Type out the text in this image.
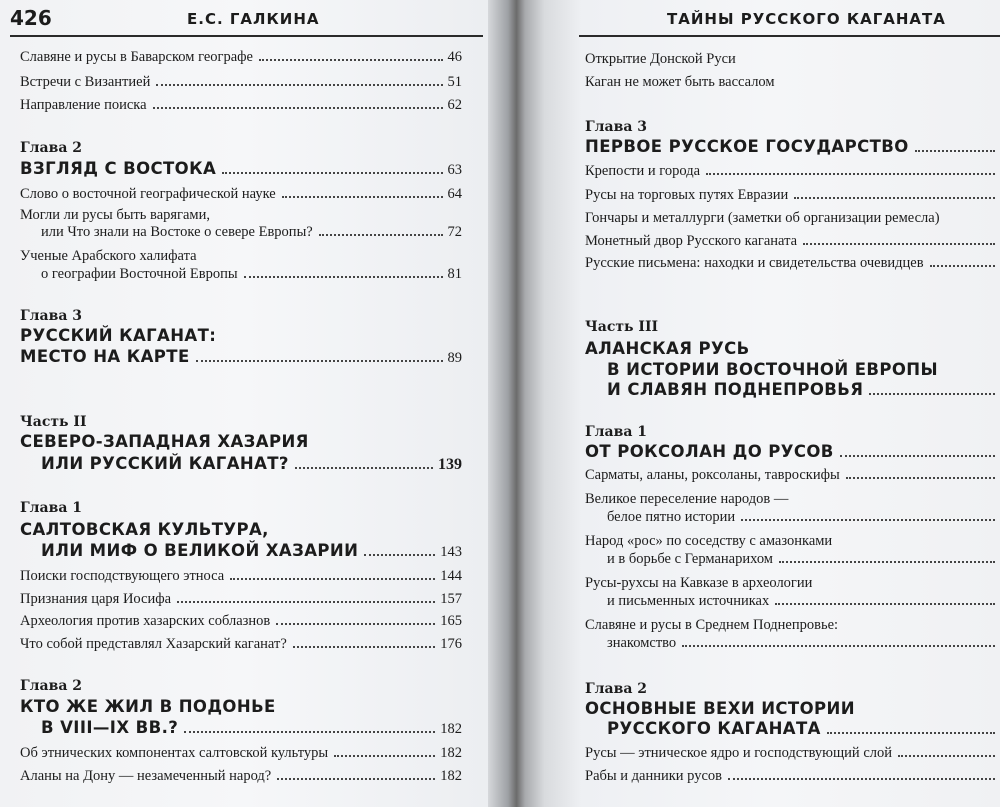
426	Е.С. ГАЛКИНА
Славяне и русы в Баварском географе	46
Встречи с Византией	51
Направление поиска	62
Глава 2
ВЗГЛЯД С ВОСТОКА	63
Слово о восточной географической науке	64
Могли ли русы быть варягами,
или Что знали на Востоке о севере Европы?	72
Ученые Арабского халифата
о географии Восточной Европы	81
Глава 3
РУССКИЙ КАГАНАТ:
МЕСТО НА КАРТЕ	89
Часть II
СЕВЕРО-ЗАПАДНАЯ ХАЗАРИЯ
ИЛИ РУССКИЙ КАГАНАТ?	139
Глава 1
САЛТОВСКАЯ КУЛЬТУРА,
ИЛИ МИФ О ВЕЛИКОЙ ХАЗАРИИ	143
Поиски господствующего этноса	144
Признания царя Иосифа	157
Археология против хазарских соблазнов	165
Что собой представлял Хазарский каганат?	176
Глава 2
КТО ЖЕ ЖИЛ В ПОДОНЬЕ
В VIII—IX ВВ.?	182
Об этнических компонентах салтовской культуры	182
Аланы на Дону — незамеченный народ?	182
ТАЙНЫ РУССКОГО КАГАНАТА
Открытие Донской Руси
Каган не может быть вассалом
Глава 3
ПЕРВОЕ РУССКОЕ ГОСУДАРСТВО
Крепости и города
Русы на торговых путях Евразии
Гончары и металлурги (заметки об организации ремесла)
Монетный двор Русского каганата
Русские письмена: находки и свидетельства очевидцев
Часть III
АЛАНСКАЯ РУСЬ
В ИСТОРИИ ВОСТОЧНОЙ ЕВРОПЫ
И СЛАВЯН ПОДНЕПРОВЬЯ
Глава 1
ОТ РОКСОЛАН ДО РУСОВ
Сарматы, аланы, роксоланы, тавроскифы
Великое переселение народов —
белое пятно истории
Народ «рос» по соседству с амазонками
и в борьбе с Германарихом
Русы-рухсы на Кавказе в археологии
и письменных источниках
Славяне и русы в Среднем Поднепровье:
знакомство
Глава 2
ОСНОВНЫЕ ВЕХИ ИСТОРИИ
РУССКОГО КАГАНАТА
Русы — этническое ядро и господствующий слой
Рабы и данники русов
